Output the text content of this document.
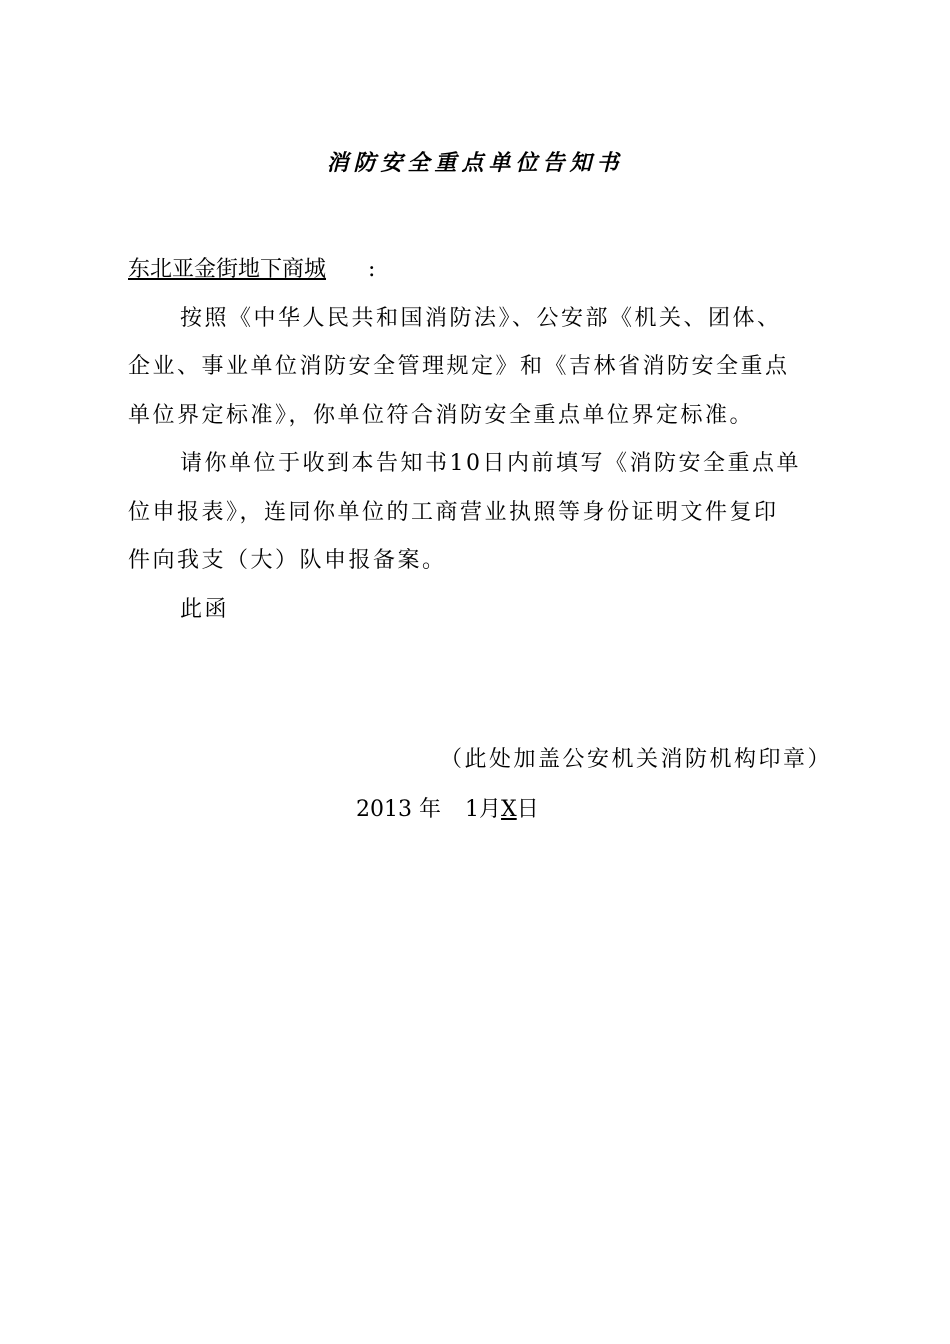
消防安全重点单位告知书
东北亚金街地下商城 :
按照《中华人民共和国消防法》、公安部《机关、团体、
企业、事业单位消防安全管理规定》和《吉林省消防安全重点
单位界定标准》，你单位符合消防安全重点单位界定标准。
请你单位于收到本告知书10日内前填写《消防安全重点单
位申报表》，连同你单位的工商营业执照等身份证明文件复印
件向我支（大）队申报备案。
此函
（此处加盖公安机关消防机构印章）
2013 年 1月X日
